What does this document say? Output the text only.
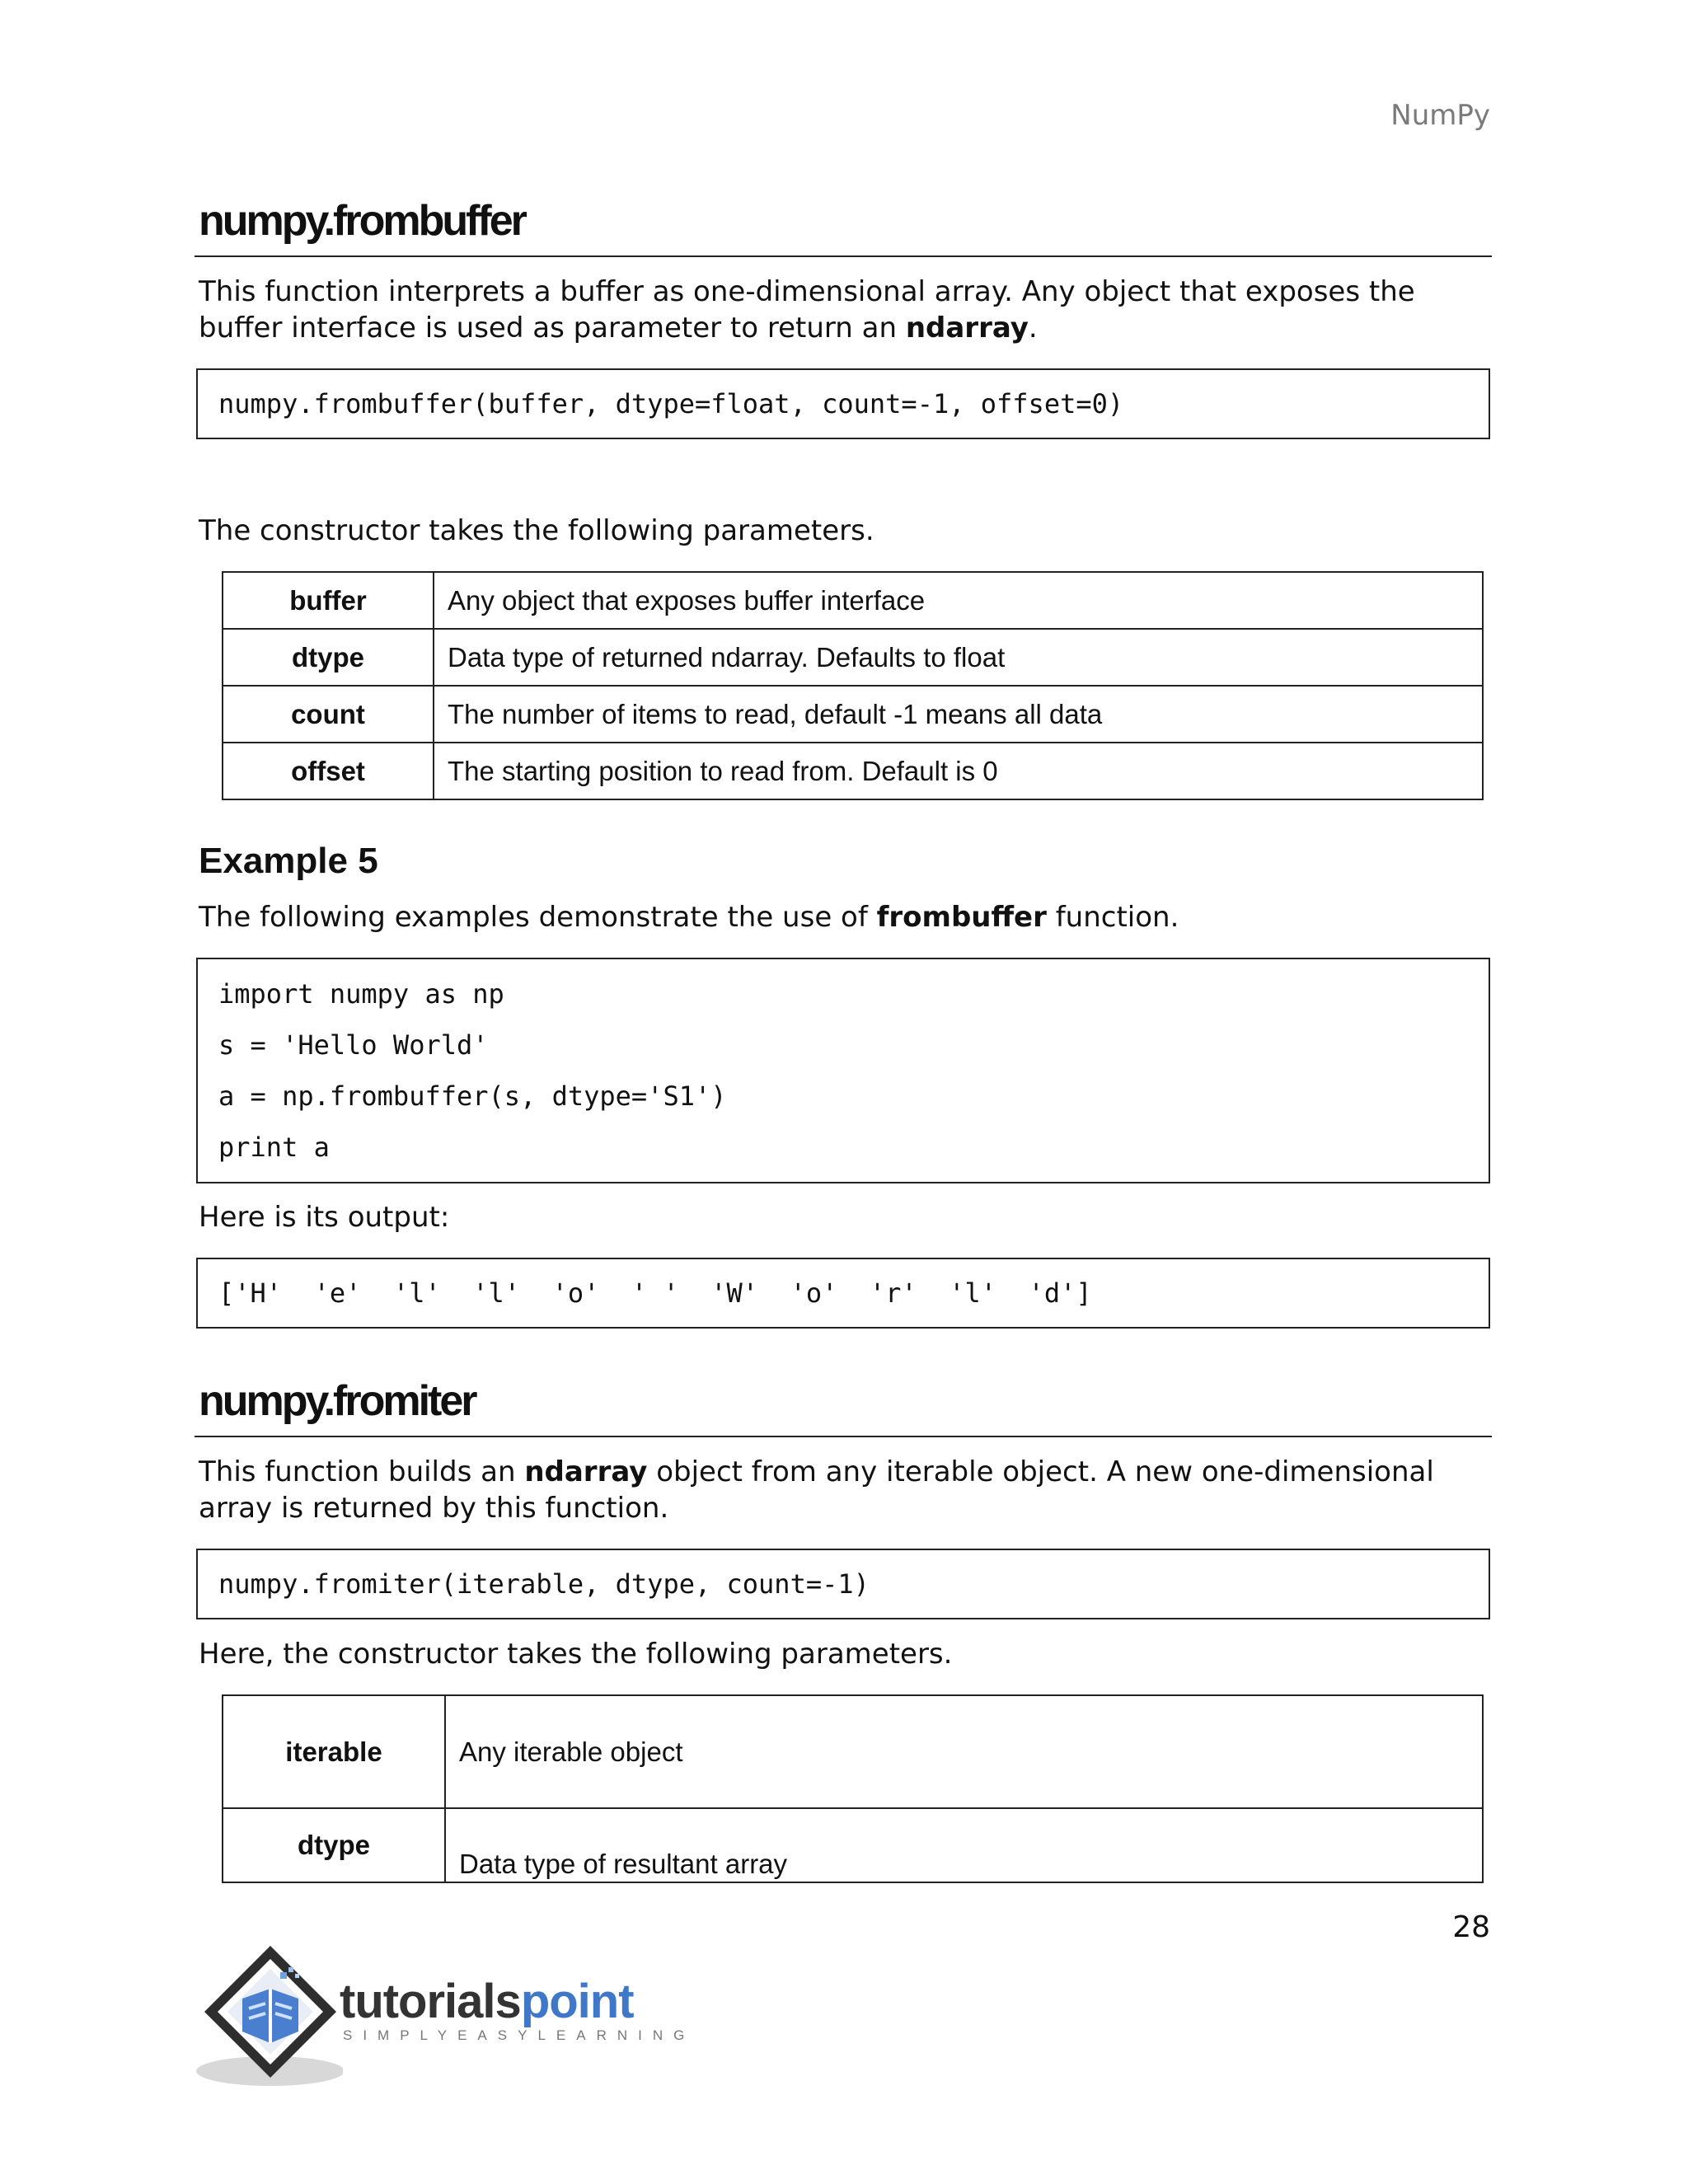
NumPy
numpy.frombuffer
This function interprets a buffer as one-dimensional array. Any object that exposes the buffer interface is used as parameter to return an ndarray.
numpy.frombuffer(buffer, dtype=float, count=-1, offset=0)
The constructor takes the following parameters.
buffer	Any object that exposes buffer interface
dtype	Data type of returned ndarray. Defaults to float
count	The number of items to read, default -1 means all data
offset	The starting position to read from. Default is 0
Example 5
The following examples demonstrate the use of frombuffer function.
import numpy as np
s = 'Hello World'
a = np.frombuffer(s, dtype='S1')
print a
Here is its output:
['H'  'e'  'l'  'l'  'o'  ' '  'W'  'o'  'r'  'l'  'd']
numpy.fromiter
This function builds an ndarray object from any iterable object. A new one-dimensional array is returned by this function.
numpy.fromiter(iterable, dtype, count=-1)
Here, the constructor takes the following parameters.
iterable	Any iterable object
dtype	Data type of resultant array
28
tutorialspoint
SIMPLYEASYLEARNING
